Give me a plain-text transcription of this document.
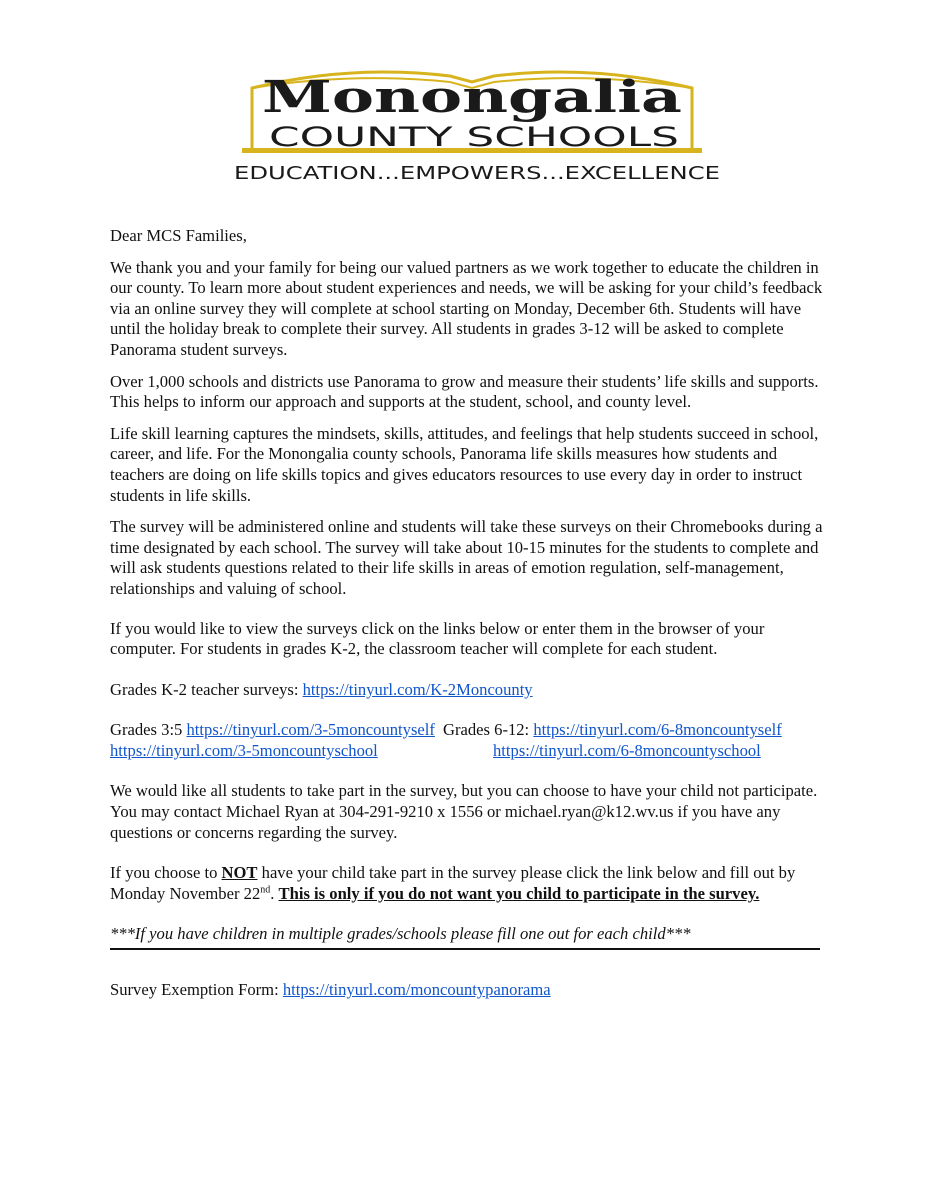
Monongalia
COUNTY SCHOOLS
EDUCATION...EMPOWERS...EXCELLENCE

Dear MCS Families,

We thank you and your family for being our valued partners as we work together to educate the children in our county. To learn more about student experiences and needs, we will be asking for your child’s feedback via an online survey they will complete at school starting on Monday, December 6th. Students will have until the holiday break to complete their survey. All students in grades 3-12 will be asked to complete Panorama student surveys.

Over 1,000 schools and districts use Panorama to grow and measure their students’ life skills and supports. This helps to inform our approach and supports at the student, school, and county level.

Life skill learning captures the mindsets, skills, attitudes, and feelings that help students succeed in school, career, and life. For the Monongalia county schools, Panorama life skills measures how students and teachers are doing on life skills topics and gives educators resources to use every day in order to instruct students in life skills.

The survey will be administered online and students will take these surveys on their Chromebooks during a time designated by each school. The survey will take about 10-15 minutes for the students to complete and will ask students questions related to their life skills in areas of emotion regulation, self-management, relationships and valuing of school.

If you would like to view the surveys click on the links below or enter them in the browser of your computer. For students in grades K-2, the classroom teacher will complete for each student.

Grades K-2 teacher surveys: https://tinyurl.com/K-2Moncounty

Grades 3:5 https://tinyurl.com/3-5moncountyself
https://tinyurl.com/3-5moncountyschool
Grades 6-12: https://tinyurl.com/6-8moncountyself
https://tinyurl.com/6-8moncountyschool

We would like all students to take part in the survey, but you can choose to have your child not participate. You may contact Michael Ryan at 304-291-9210 x 1556 or michael.ryan@k12.wv.us if you have any questions or concerns regarding the survey.

If you choose to NOT have your child take part in the survey please click the link below and fill out by Monday November 22nd. This is only if you do not want you child to participate in the survey.

***If you have children in multiple grades/schools please fill one out for each child***

Survey Exemption Form: https://tinyurl.com/moncountypanorama
